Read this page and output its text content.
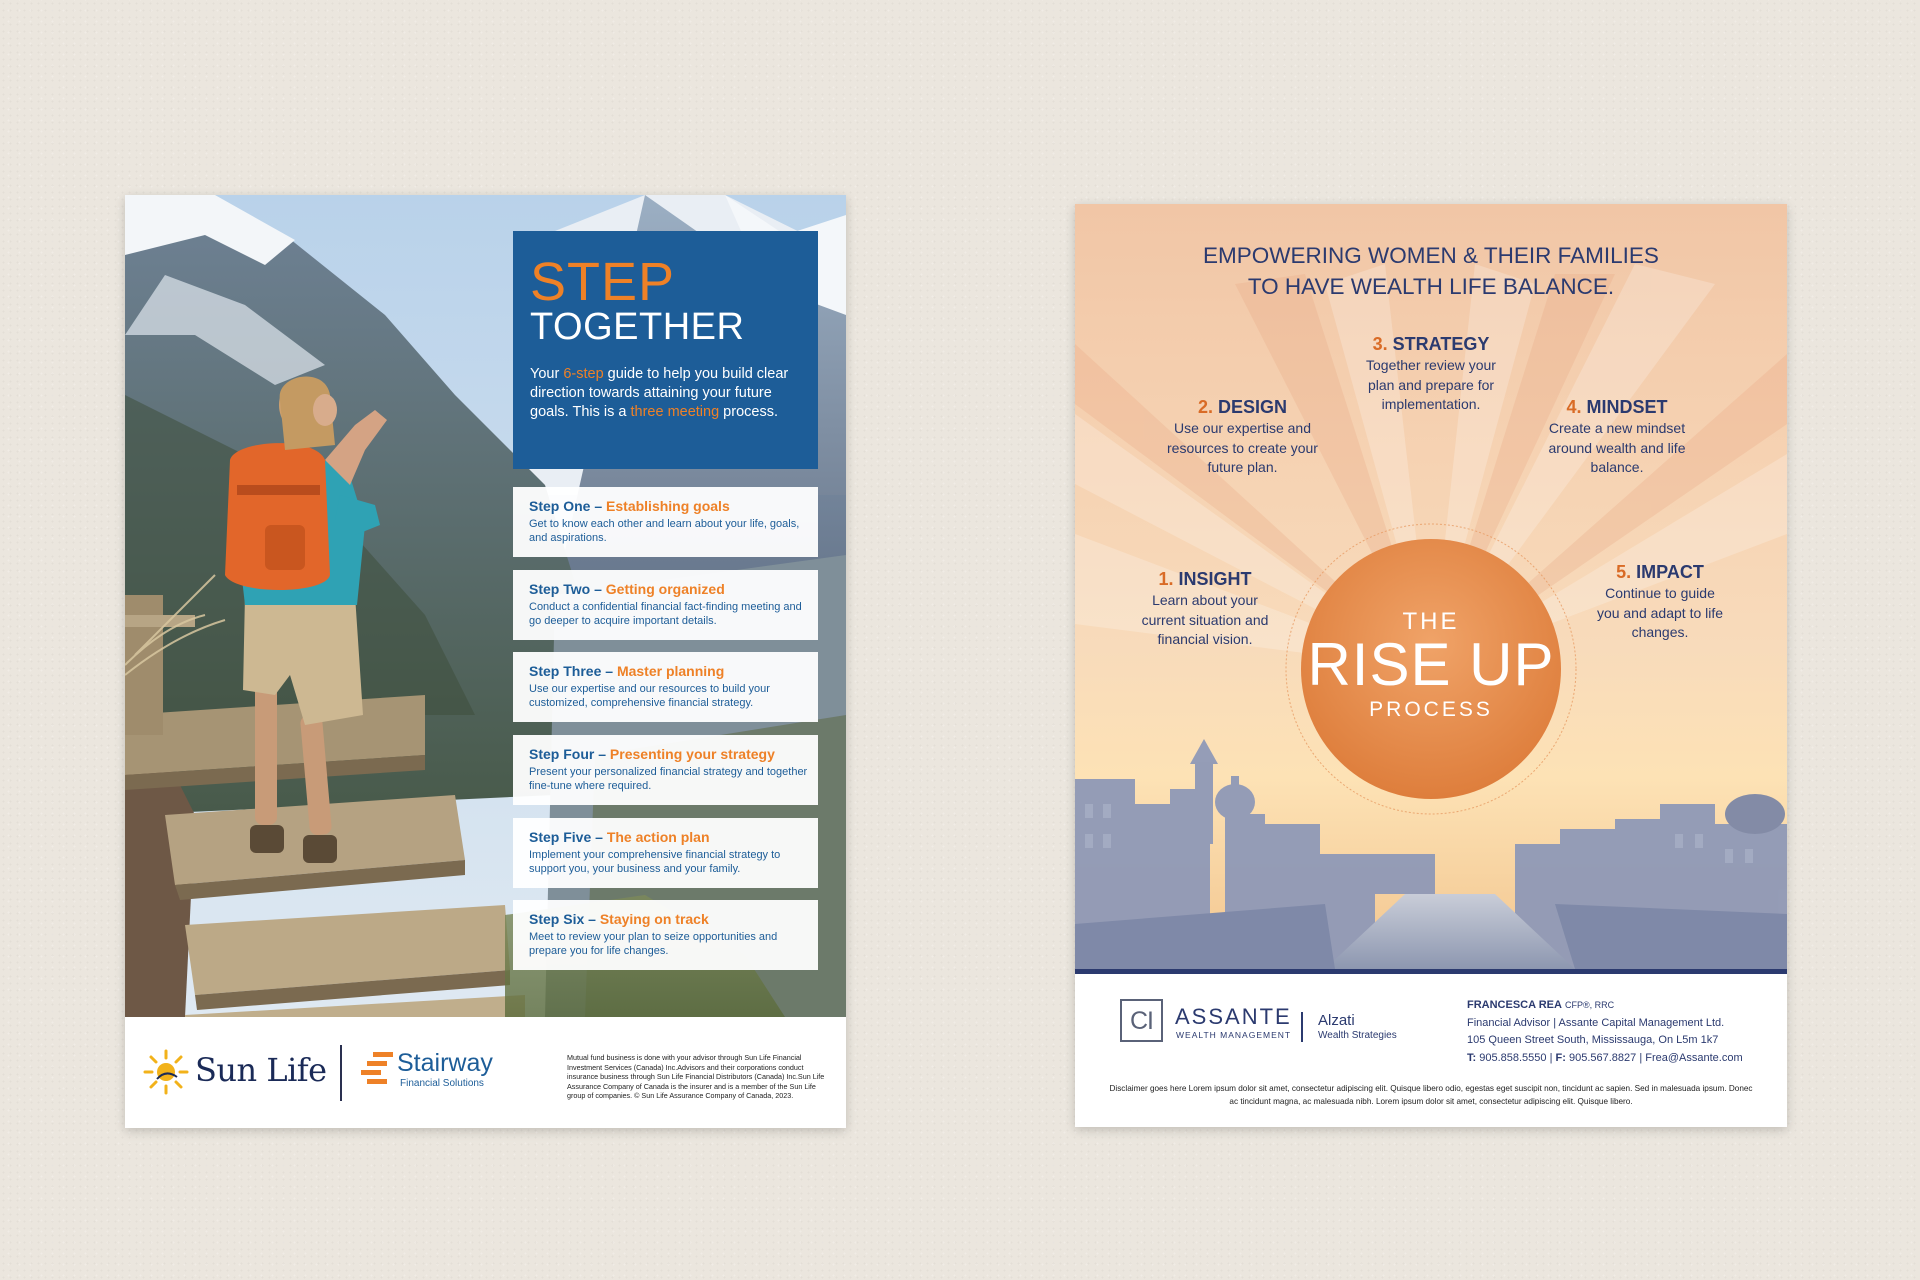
STEP
TOGETHER
Your 6-step guide to help you build clear direction towards attaining your future goals. This is a three meeting process.
Step One – Establishing goals
Get to know each other and learn about your life, goals, and aspirations.
Step Two – Getting organized
Conduct a confidential financial fact-finding meeting and go deeper to acquire important details.
Step Three – Master planning
Use our expertise and our resources to build your customized, comprehensive financial strategy.
Step Four – Presenting your strategy
Present your personalized financial strategy and together fine-tune where required.
Step Five – The action plan
Implement your comprehensive financial strategy to support you, your business and your family.
Step Six – Staying on track
Meet to review your plan to seize opportunities and prepare you for life changes.
Sun Life	Stairway
Financial Solutions
Mutual fund business is done with your advisor through Sun Life Financial Investment Services (Canada) Inc.Advisors and their corporations conduct insurance business through Sun Life Financial Distributors (Canada) Inc.Sun Life Assurance Company of Canada is the insurer and is a member of the Sun Life group of companies. © Sun Life Assurance Company of Canada, 2023.
EMPOWERING WOMEN & THEIR FAMILIES
TO HAVE WEALTH LIFE BALANCE.
1. INSIGHT
Learn about your current situation and financial vision.
2. DESIGN
Use our expertise and resources to create your future plan.
3. STRATEGY
Together review your plan and prepare for implementation.	4. MINDSET
Create a new mindset around wealth and life balance.
5. IMPACT
Continue to guide you and adapt to life changes.
THE
RISE UP
PROCESS
CI	ASSANTE
WEALTH MANAGEMENT
Alzati
Wealth Strategies
FRANCESCA REA CFP®, RRC
Financial Advisor | Assante Capital Management Ltd.
105 Queen Street South, Mississauga, On L5m 1k7
T: 905.858.5550 | F: 905.567.8827 | Frea@Assante.com
Disclaimer goes here Lorem ipsum dolor sit amet, consectetur adipiscing elit. Quisque libero odio, egestas eget suscipit non, tincidunt ac sapien. Sed in malesuada ipsum. Donec ac tincidunt magna, ac malesuada nibh. Lorem ipsum dolor sit amet, consectetur adipiscing elit. Quisque libero.
